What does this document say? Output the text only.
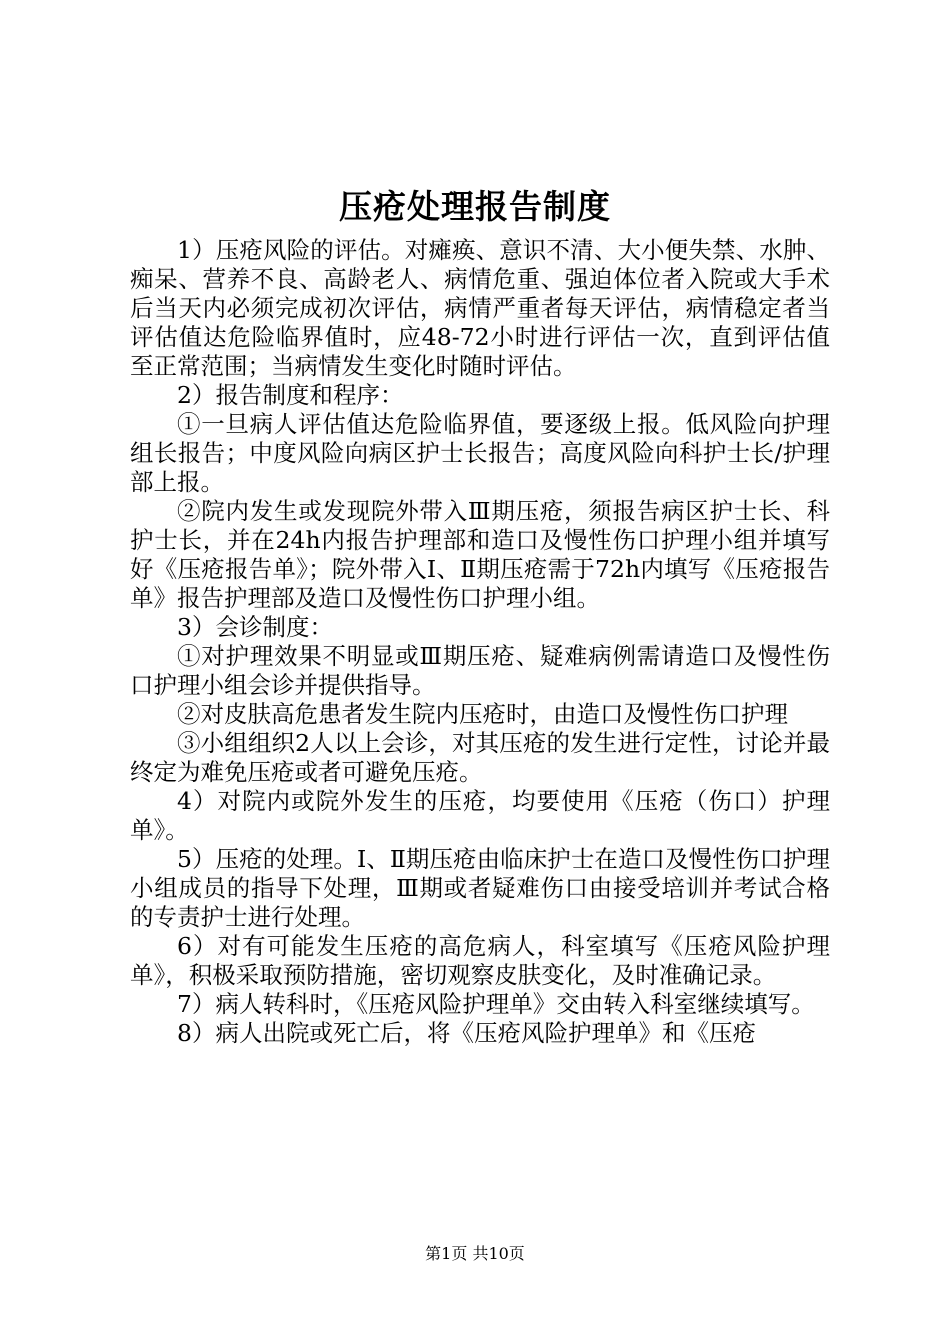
压疮处理报告制度

1）压疮风险的评估。对瘫痪、意识不清、大小便失禁、水肿、痴呆、营养不良、高龄老人、病情危重、强迫体位者入院或大手术后当天内必须完成初次评估，病情严重者每天评估，病情稳定者当评估值达危险临界值时，应48-72小时进行评估一次，直到评估值至正常范围；当病情发生变化时随时评估。

2）报告制度和程序：

①一旦病人评估值达危险临界值，要逐级上报。低风险向护理组长报告；中度风险向病区护士长报告；高度风险向科护士长/护理部上报。

②院内发生或发现院外带入Ⅲ期压疮，须报告病区护士长、科护士长，并在24h内报告护理部和造口及慢性伤口护理小组并填写好《压疮报告单》；院外带入Ⅰ、Ⅱ期压疮需于72h内填写《压疮报告单》报告护理部及造口及慢性伤口护理小组。

3）会诊制度：

①对护理效果不明显或Ⅲ期压疮、疑难病例需请造口及慢性伤口护理小组会诊并提供指导。

②对皮肤高危患者发生院内压疮时，由造口及慢性伤口护理

③小组组织2人以上会诊，对其压疮的发生进行定性，讨论并最终定为难免压疮或者可避免压疮。

4）对院内或院外发生的压疮，均要使用《压疮（伤口）护理单》。

5）压疮的处理。Ⅰ、Ⅱ期压疮由临床护士在造口及慢性伤口护理小组成员的指导下处理，Ⅲ期或者疑难伤口由接受培训并考试合格的专责护士进行处理。

6）对有可能发生压疮的高危病人，科室填写《压疮风险护理单》，积极采取预防措施，密切观察皮肤变化，及时准确记录。

7）病人转科时，《压疮风险护理单》交由转入科室继续填写。

8）病人出院或死亡后，将《压疮风险护理单》和《压疮

第1页 共10页
